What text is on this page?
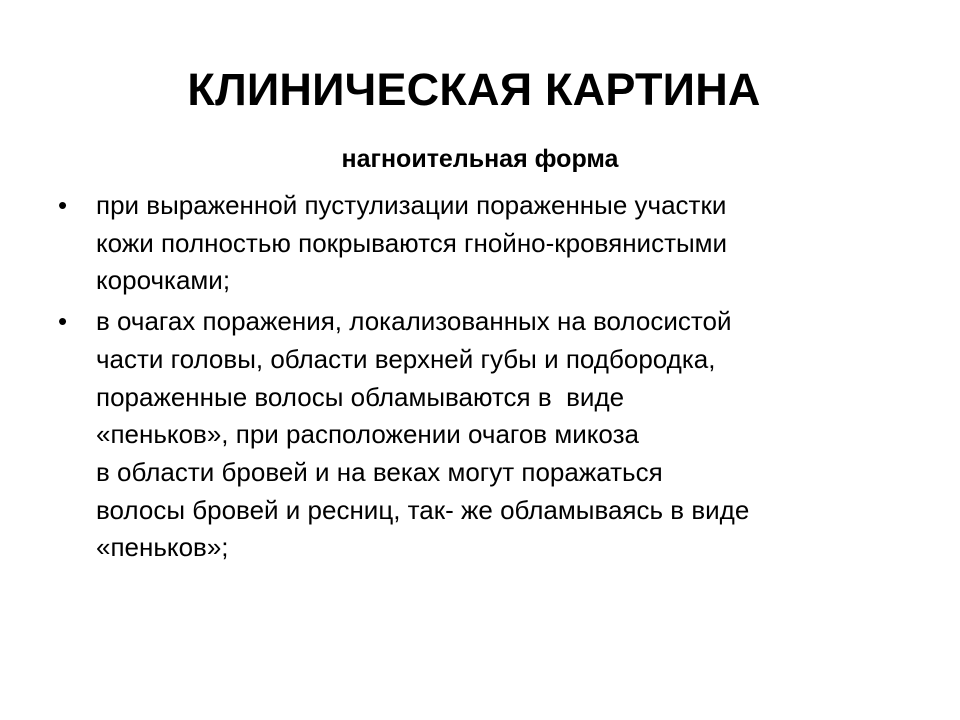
КЛИНИЧЕСКАЯ КАРТИНА

нагноительная форма

• при выраженной пустулизации пораженные участки
кожи полностью покрываются гнойно-кровянистыми
корочками;
• в очагах поражения, локализованных на волосистой
части головы, области верхней губы и подбородка,
пораженные волосы обламываются в  виде
«пеньков», при расположении очагов микоза
в области бровей и на веках могут поражаться
волосы бровей и ресниц, так- же обламываясь в виде
«пеньков»;
